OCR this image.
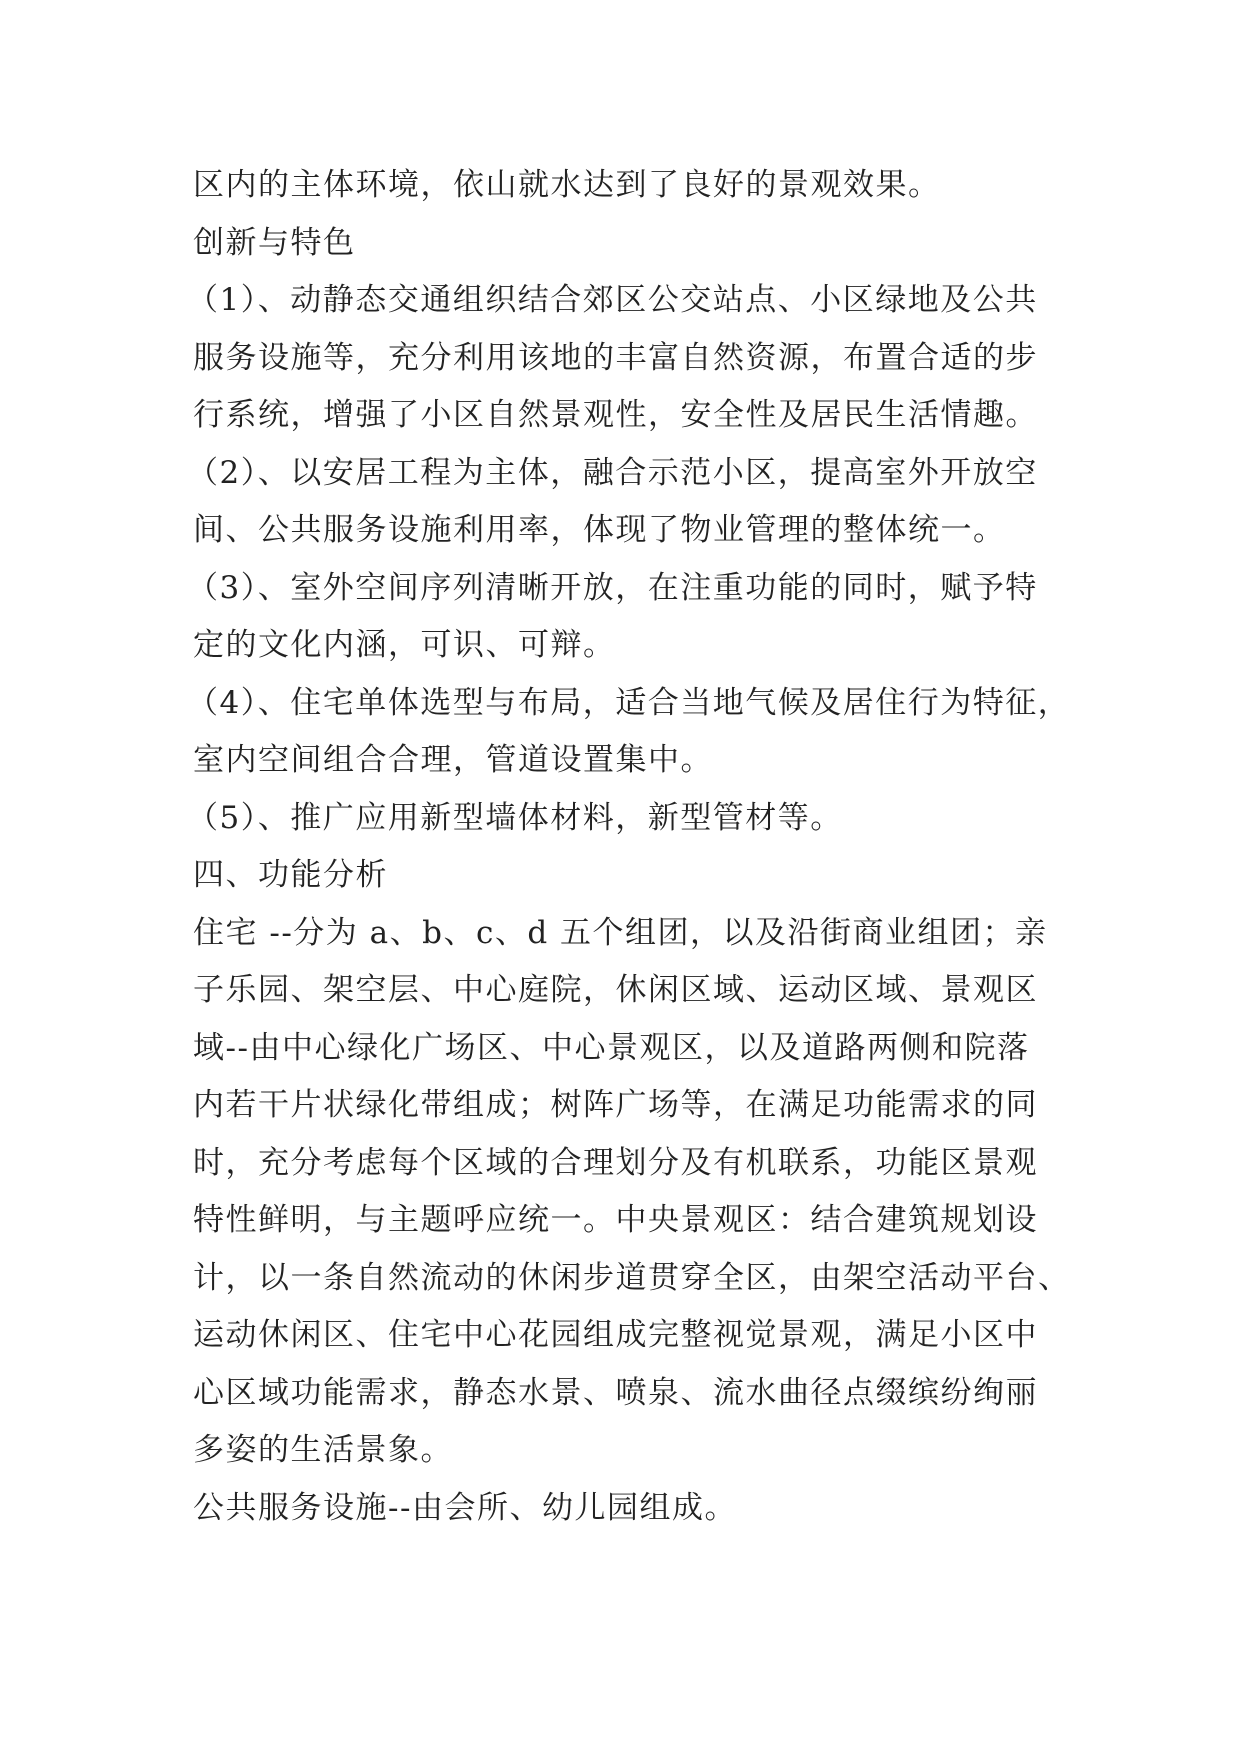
区内的主体环境，依山就水达到了良好的景观效果。
创新与特色
（1）、动静态交通组织结合郊区公交站点、小区绿地及公共
服务设施等，充分利用该地的丰富自然资源，布置合适的步
行系统，增强了小区自然景观性，安全性及居民生活情趣。
（2）、以安居工程为主体，融合示范小区，提高室外开放空
间、公共服务设施利用率，体现了物业管理的整体统一。
（3）、室外空间序列清晰开放，在注重功能的同时，赋予特
定的文化内涵，可识、可辩。
（4）、住宅单体选型与布局，适合当地气候及居住行为特征，
室内空间组合合理，管道设置集中。
（5）、推广应用新型墙体材料，新型管材等。
四、功能分析
住宅 --分为 a、b、c、d 五个组团，以及沿街商业组团；亲
子乐园、架空层、中心庭院，休闲区域、运动区域、景观区
域--由中心绿化广场区、中心景观区，以及道路两侧和院落
内若干片状绿化带组成；树阵广场等，在满足功能需求的同
时，充分考虑每个区域的合理划分及有机联系，功能区景观
特性鲜明，与主题呼应统一。中央景观区：结合建筑规划设
计，以一条自然流动的休闲步道贯穿全区，由架空活动平台、
运动休闲区、住宅中心花园组成完整视觉景观，满足小区中
心区域功能需求，静态水景、喷泉、流水曲径点缀缤纷绚丽
多姿的生活景象。
公共服务设施--由会所、幼儿园组成。
